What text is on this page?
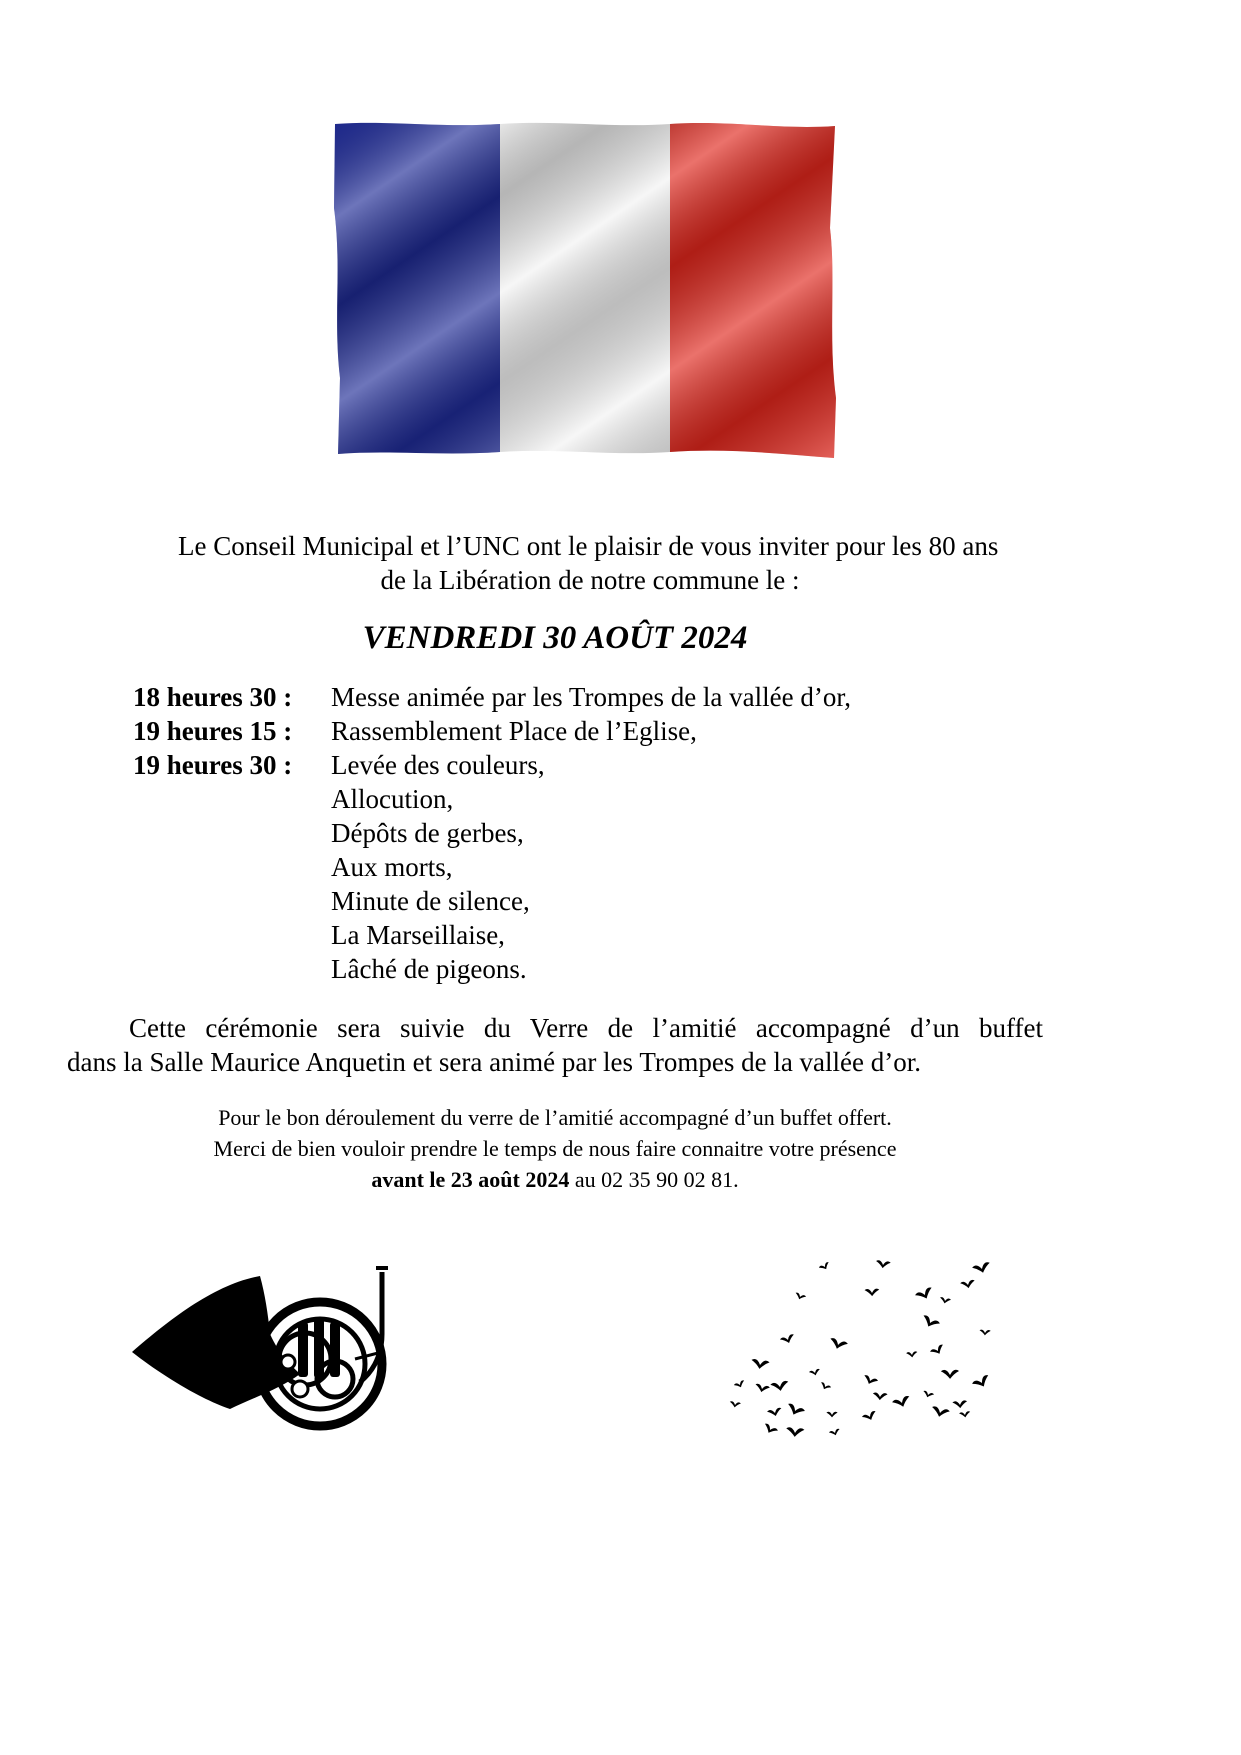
Le Conseil Municipal et l’UNC ont le plaisir de vous inviter pour les 80 ans
de la Libération de notre commune le :
VENDREDI 30 AOÛT 2024
18 heures 30 :	Messe animée par les Trompes de la vallée d’or,
19 heures 15 :	Rassemblement Place de l’Eglise,
19 heures 30 :	Levée des couleurs,
Allocution,
Dépôts de gerbes,
Aux morts,
Minute de silence,
La Marseillaise,
Lâché de pigeons.
Cette cérémonie sera suivie du Verre de l’amitié accompagné d’un buffet
dans la Salle Maurice Anquetin et sera animé par les Trompes de la vallée d’or.
Pour le bon déroulement du verre de l’amitié accompagné d’un buffet offert.
Merci de bien vouloir prendre le temps de nous faire connaitre votre présence
avant le 23 août 2024 au 02 35 90 02 81.
